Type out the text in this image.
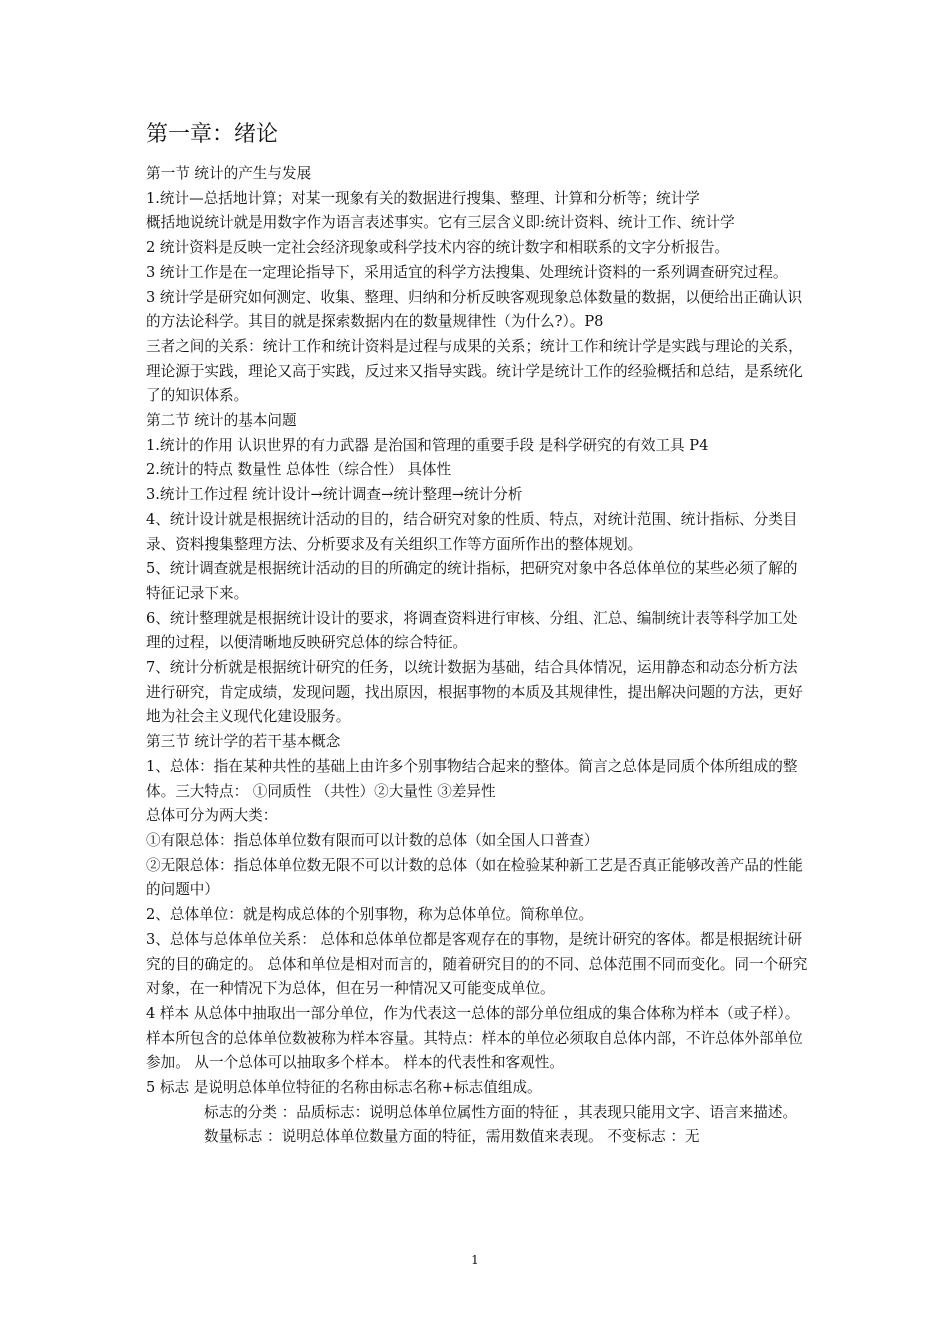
第一章：绪论

第一节 统计的产生与发展

1.统计—总括地计算；对某一现象有关的数据进行搜集、整理、计算和分析等；统计学

概括地说统计就是用数字作为语言表述事实。它有三层含义即:统计资料、统计工作、统计学

2 统计资料是反映一定社会经济现象或科学技术内容的统计数字和相联系的文字分析报告。

3 统计工作是在一定理论指导下，采用适宜的科学方法搜集、处理统计资料的一系列调查研究过程。

3 统计学是研究如何测定、收集、整理、归纳和分析反映客观现象总体数量的数据，以便给出正确认识的方法论科学。其目的就是探索数据内在的数量规律性（为什么?）。P8

三者之间的关系：统计工作和统计资料是过程与成果的关系；统计工作和统计学是实践与理论的关系，理论源于实践，理论又高于实践，反过来又指导实践。统计学是统计工作的经验概括和总结，是系统化了的知识体系。

第二节 统计的基本问题

1.统计的作用 认识世界的有力武器 是治国和管理的重要手段 是科学研究的有效工具 P4

2.统计的特点 数量性 总体性（综合性） 具体性

3.统计工作过程 统计设计→统计调查→统计整理→统计分析

4、统计设计就是根据统计活动的目的，结合研究对象的性质、特点，对统计范围、统计指标、分类目录、资料搜集整理方法、分析要求及有关组织工作等方面所作出的整体规划。

5、统计调查就是根据统计活动的目的所确定的统计指标，把研究对象中各总体单位的某些必须了解的特征记录下来。

6、统计整理就是根据统计设计的要求，将调查资料进行审核、分组、汇总、编制统计表等科学加工处理的过程，以便清晰地反映研究总体的综合特征。

7、统计分析就是根据统计研究的任务，以统计数据为基础，结合具体情况，运用静态和动态分析方法进行研究，肯定成绩，发现问题，找出原因，根据事物的本质及其规律性，提出解决问题的方法，更好地为社会主义现代化建设服务。

第三节 统计学的若干基本概念

1、总体：指在某种共性的基础上由许多个别事物结合起来的整体。简言之总体是同质个体所组成的整体。三大特点： ①同质性 （共性）②大量性 ③差异性

总体可分为两大类：

①有限总体：指总体单位数有限而可以计数的总体（如全国人口普查）

②无限总体：指总体单位数无限不可以计数的总体（如在检验某种新工艺是否真正能够改善产品的性能的问题中）

2、总体单位：就是构成总体的个别事物，称为总体单位。简称单位。

3、总体与总体单位关系： 总体和总体单位都是客观存在的事物，是统计研究的客体。都是根据统计研究的目的确定的。 总体和单位是相对而言的，随着研究目的的不同、总体范围不同而变化。同一个研究对象，在一种情况下为总体，但在另一种情况又可能变成单位。

4 样本 从总体中抽取出一部分单位，作为代表这一总体的部分单位组成的集合体称为样本（或子样）。样本所包含的总体单位数被称为样本容量。其特点：样本的单位必须取自总体内部，不许总体外部单位参加。 从一个总体可以抽取多个样本。 样本的代表性和客观性。

5 标志 是说明总体单位特征的名称由标志名称+标志值组成。

标志的分类 ：品质标志：说明总体单位属性方面的特征 ，其表现只能用文字、语言来描述。 数量标志 ：说明总体单位数量方面的特征，需用数值来表现。 不变标志 ：无

1
